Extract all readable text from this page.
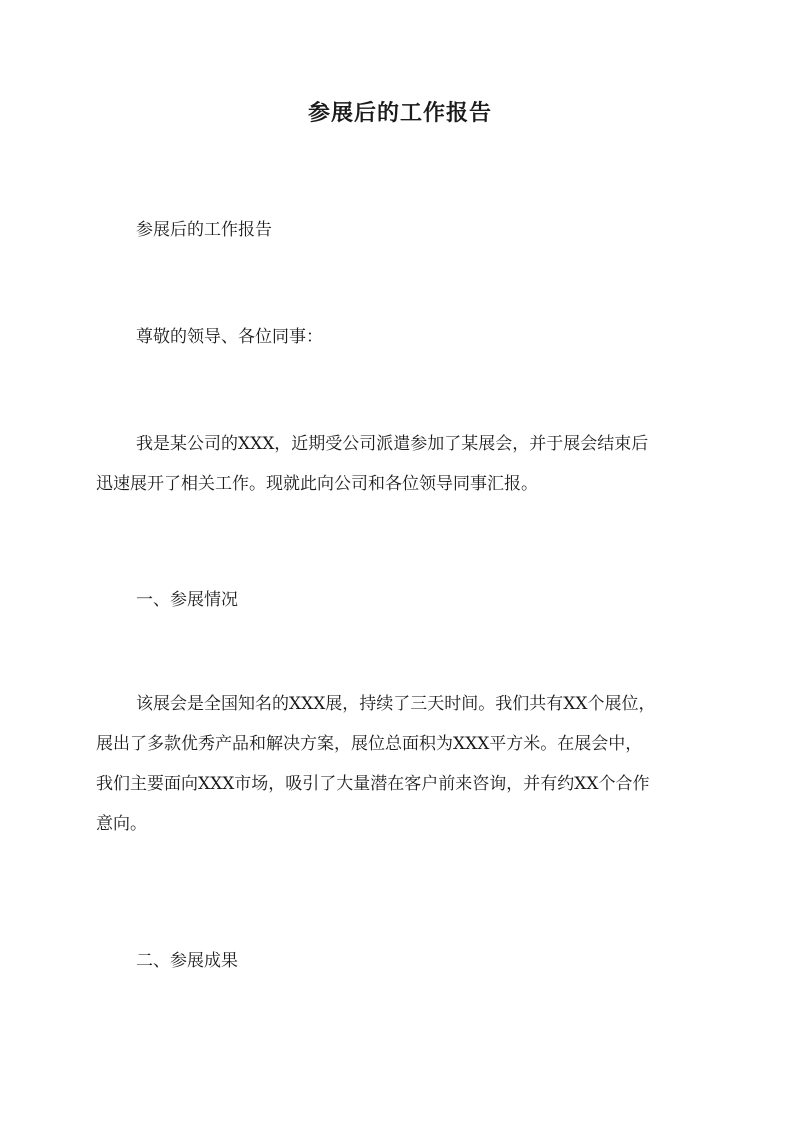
参展后的工作报告

参展后的工作报告

尊敬的领导、各位同事：

我是某公司的XXX，近期受公司派遣参加了某展会，并于展会结束后
迅速展开了相关工作。现就此向公司和各位领导同事汇报。

一、参展情况

该展会是全国知名的XXX展，持续了三天时间。我们共有XX个展位，
展出了多款优秀产品和解决方案，展位总面积为XXX平方米。在展会中，
我们主要面向XXX市场，吸引了大量潜在客户前来咨询，并有约XX个合作
意向。

二、参展成果
